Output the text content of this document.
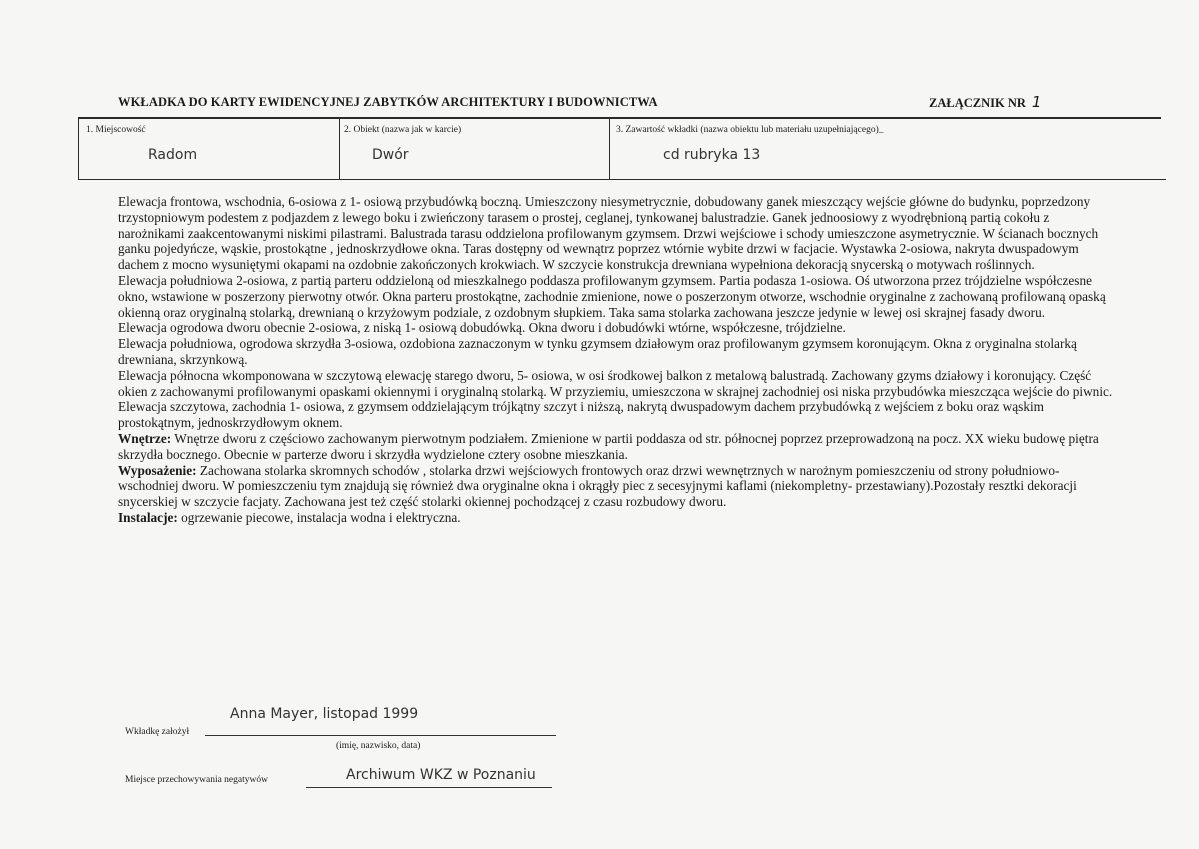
WKŁADKA DO KARTY EWIDENCYJNEJ ZABYTKÓW ARCHITEKTURY I BUDOWNICTWA	ZAŁĄCZNIK NR 1
1. Miejscowość
Radom
2. Obiekt (nazwa jak w karcie)
Dwór
3. Zawartość wkładki (nazwa obiektu lub materiału uzupełniającego)_
cd rubryka 13

Elewacja frontowa, wschodnia, 6-osiowa z 1- osiową przybudówką boczną. Umieszczony niesymetrycznie, dobudowany ganek mieszczący wejście główne do budynku, poprzedzony trzystopniowym podestem z podjazdem z lewego boku i zwieńczony tarasem o prostej, ceglanej, tynkowanej balustradzie. Ganek jednoosiowy z wyodrębnioną partią cokołu z narożnikami zaakcentowanymi niskimi pilastrami. Balustrada tarasu oddzielona profilowanym gzymsem. Drzwi wejściowe i schody umieszczone asymetrycznie. W ścianach bocznych ganku pojedyńcze, wąskie, prostokątne , jednoskrzydłowe okna. Taras dostępny od wewnątrz poprzez wtórnie wybite drzwi w facjacie. Wystawka 2-osiowa, nakryta dwuspadowym dachem z mocno wysuniętymi okapami na ozdobnie zakończonych krokwiach. W szczycie konstrukcja drewniana wypełniona dekoracją snycerską o motywach roślinnych.

Elewacja południowa 2-osiowa, z partią parteru oddzieloną od mieszkalnego poddasza profilowanym gzymsem. Partia podasza 1-osiowa. Oś utworzona przez trójdzielne współczesne okno, wstawione w poszerzony pierwotny otwór. Okna parteru prostokątne, zachodnie zmienione, nowe o poszerzonym otworze, wschodnie oryginalne z zachowaną profilowaną opaską okienną oraz oryginalną stolarką, drewnianą o krzyżowym podziale, z ozdobnym słupkiem. Taka sama stolarka zachowana jeszcze jedynie w lewej osi skrajnej fasady dworu.

Elewacja ogrodowa dworu obecnie 2-osiowa, z niską 1- osiową dobudówką. Okna dworu i dobudówki wtórne, współczesne, trójdzielne.

Elewacja południowa, ogrodowa skrzydła 3-osiowa, ozdobiona zaznaczonym w tynku gzymsem działowym oraz profilowanym gzymsem koronującym. Okna z oryginalna stolarką drewniana, skrzynkową.

Elewacja północna wkomponowana w szczytową elewację starego dworu, 5- osiowa, w osi środkowej balkon z metalową balustradą. Zachowany gzyms działowy i koronujący. Część okien z zachowanymi profilowanymi opaskami okiennymi i oryginalną stolarką. W przyziemiu, umieszczona w skrajnej zachodniej osi niska przybudówka mieszcząca wejście do piwnic. Elewacja szczytowa, zachodnia 1- osiowa, z gzymsem oddzielającym trójkątny szczyt i niższą, nakrytą dwuspadowym dachem przybudówką z wejściem z boku oraz wąskim prostokątnym, jednoskrzydłowym oknem.

Wnętrze: Wnętrze dworu z częściowo zachowanym pierwotnym podziałem. Zmienione w partii poddasza od str. północnej poprzez przeprowadzoną na pocz. XX wieku budowę piętra skrzydła bocznego. Obecnie w parterze dworu i skrzydła wydzielone cztery osobne mieszkania.

Wyposażenie: Zachowana stolarka skromnych schodów , stolarka drzwi wejściowych frontowych oraz drzwi wewnętrznych w narożnym pomieszczeniu od strony południowo- wschodniej dworu. W pomieszczeniu tym znajdują się również dwa oryginalne okna i okrągły piec z secesyjnymi kaflami (niekompletny- przestawiany).Pozostały resztki dekoracji snycerskiej w szczycie facjaty. Zachowana jest też część stolarki okiennej pochodzącej z czasu rozbudowy dworu.

Instalacje: ogrzewanie piecowe, instalacja wodna i elektryczna.

Anna Mayer, listopad 1999
Wkładkę założył
(imię, nazwisko, data)
Miejsce przechowywania negatywów	Archiwum WKZ w Poznaniu
